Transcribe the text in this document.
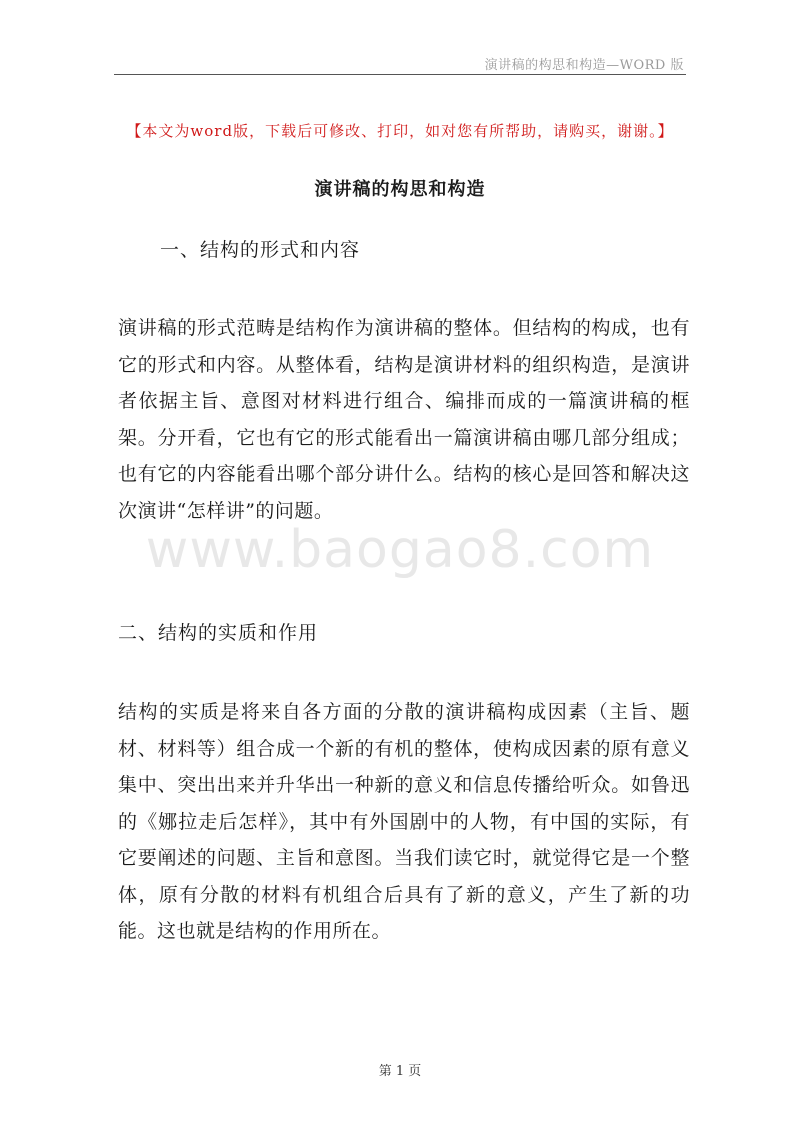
演讲稿的构思和构造—WORD 版
www.baogao8.com
【本文为word版，下载后可修改、打印，如对您有所帮助，请购买，谢谢。】
演讲稿的构思和构造
一、结构的形式和内容
演讲稿的形式范畴是结构作为演讲稿的整体。但结构的构成，也有它的形式和内容。从整体看，结构是演讲材料的组织构造，是演讲者依据主旨、意图对材料进行组合、编排而成的一篇演讲稿的框架。分开看，它也有它的形式能看出一篇演讲稿由哪几部分组成；也有它的内容能看出哪个部分讲什么。结构的核心是回答和解决这次演讲“怎样讲”的问题。
二、结构的实质和作用
结构的实质是将来自各方面的分散的演讲稿构成因素（主旨、题材、材料等）组合成一个新的有机的整体，使构成因素的原有意义集中、突出出来并升华出一种新的意义和信息传播给听众。如鲁迅的《娜拉走后怎样》，其中有外国剧中的人物，有中国的实际，有它要阐述的问题、主旨和意图。当我们读它时，就觉得它是一个整体，原有分散的材料有机组合后具有了新的意义，产生了新的功能。这也就是结构的作用所在。
第 1 页
